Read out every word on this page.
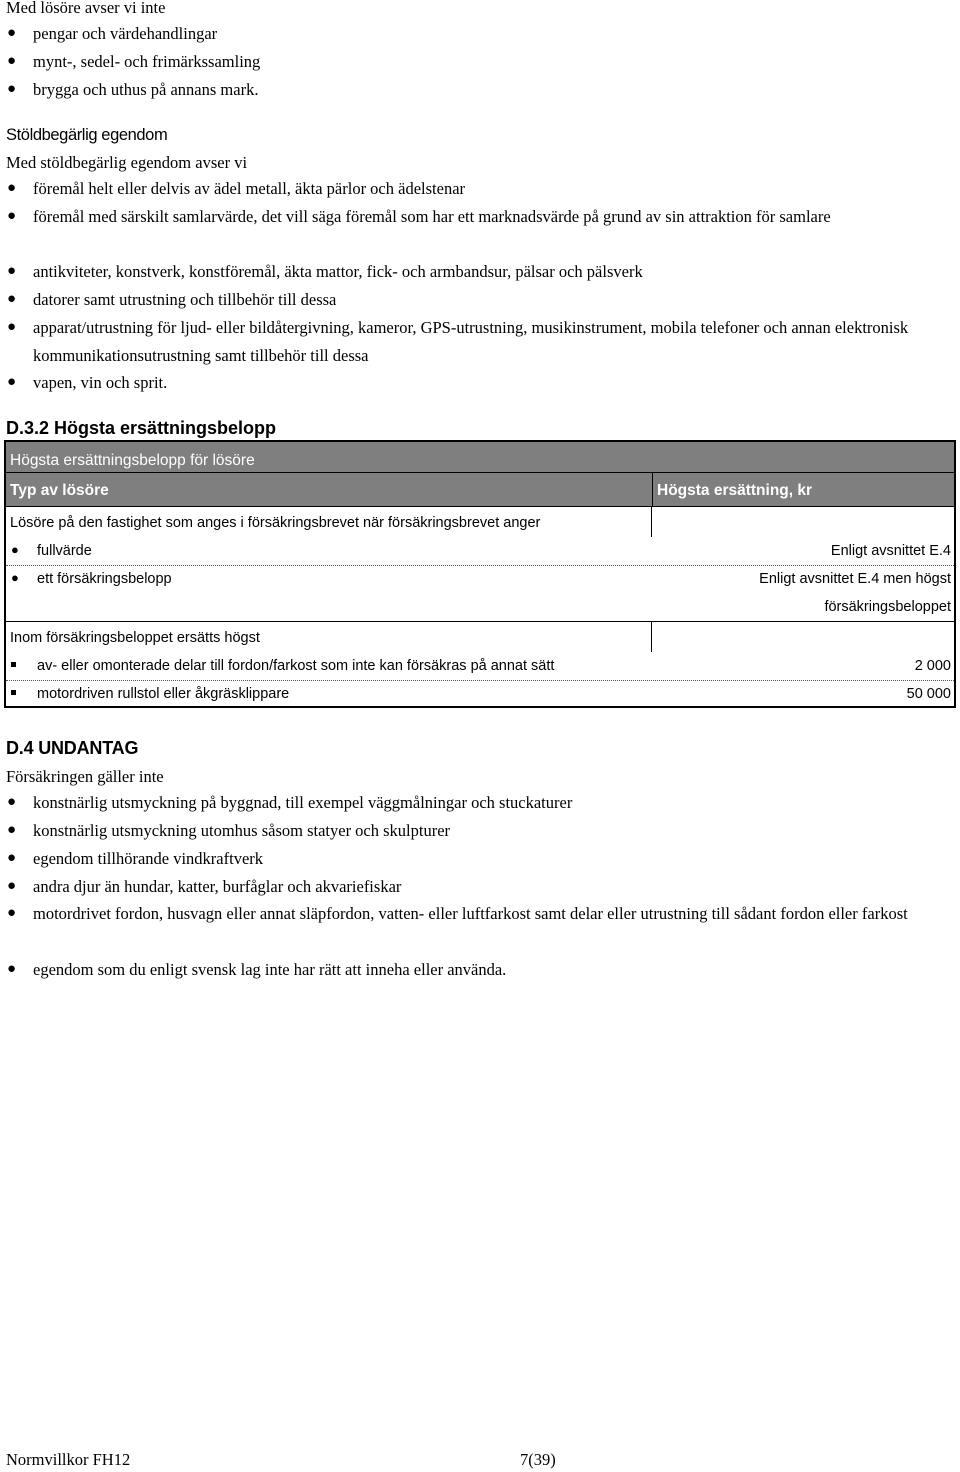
Med lösöre avser vi inte
● pengar och värdehandlingar
● mynt-, sedel- och frimärkssamling
● brygga och uthus på annans mark.
Stöldbegärlig egendom
Med stöldbegärlig egendom avser vi
● föremål helt eller delvis av ädel metall, äkta pärlor och ädelstenar
● föremål med särskilt samlarvärde, det vill säga föremål som har ett marknadsvärde på grund av sin attraktion för samlare
● antikviteter, konstverk, konstföremål, äkta mattor, fick- och armbandsur, pälsar och pälsverk
● datorer samt utrustning och tillbehör till dessa
● apparat/utrustning för ljud- eller bildåtergivning, kameror, GPS-utrustning, musikinstrument, mobila telefoner och annan elektronisk kommunikationsutrustning samt tillbehör till dessa
● vapen, vin och sprit.
D.3.2 Högsta ersättningsbelopp
Högsta ersättningsbelopp för lösöre
Typ av lösöre	Högsta ersättning, kr
Lösöre på den fastighet som anges i försäkringsbrevet när försäkringsbrevet anger
● fullvärde	Enligt avsnittet E.4
● ett försäkringsbelopp	Enligt avsnittet E.4 men högst
försäkringsbeloppet
Inom försäkringsbeloppet ersätts högst
av- eller omonterade delar till fordon/farkost som inte kan försäkras på annat sätt	2 000
motordriven rullstol eller åkgräsklippare	50 000
D.4 UNDANTAG
Försäkringen gäller inte
● konstnärlig utsmyckning på byggnad, till exempel väggmålningar och stuckaturer
● konstnärlig utsmyckning utomhus såsom statyer och skulpturer
● egendom tillhörande vindkraftverk
● andra djur än hundar, katter, burfåglar och akvariefiskar
● motordrivet fordon, husvagn eller annat släpfordon, vatten- eller luftfarkost samt delar eller utrustning till sådant fordon eller farkost
● egendom som du enligt svensk lag inte har rätt att inneha eller använda.
Normvillkor FH12	7(39)
